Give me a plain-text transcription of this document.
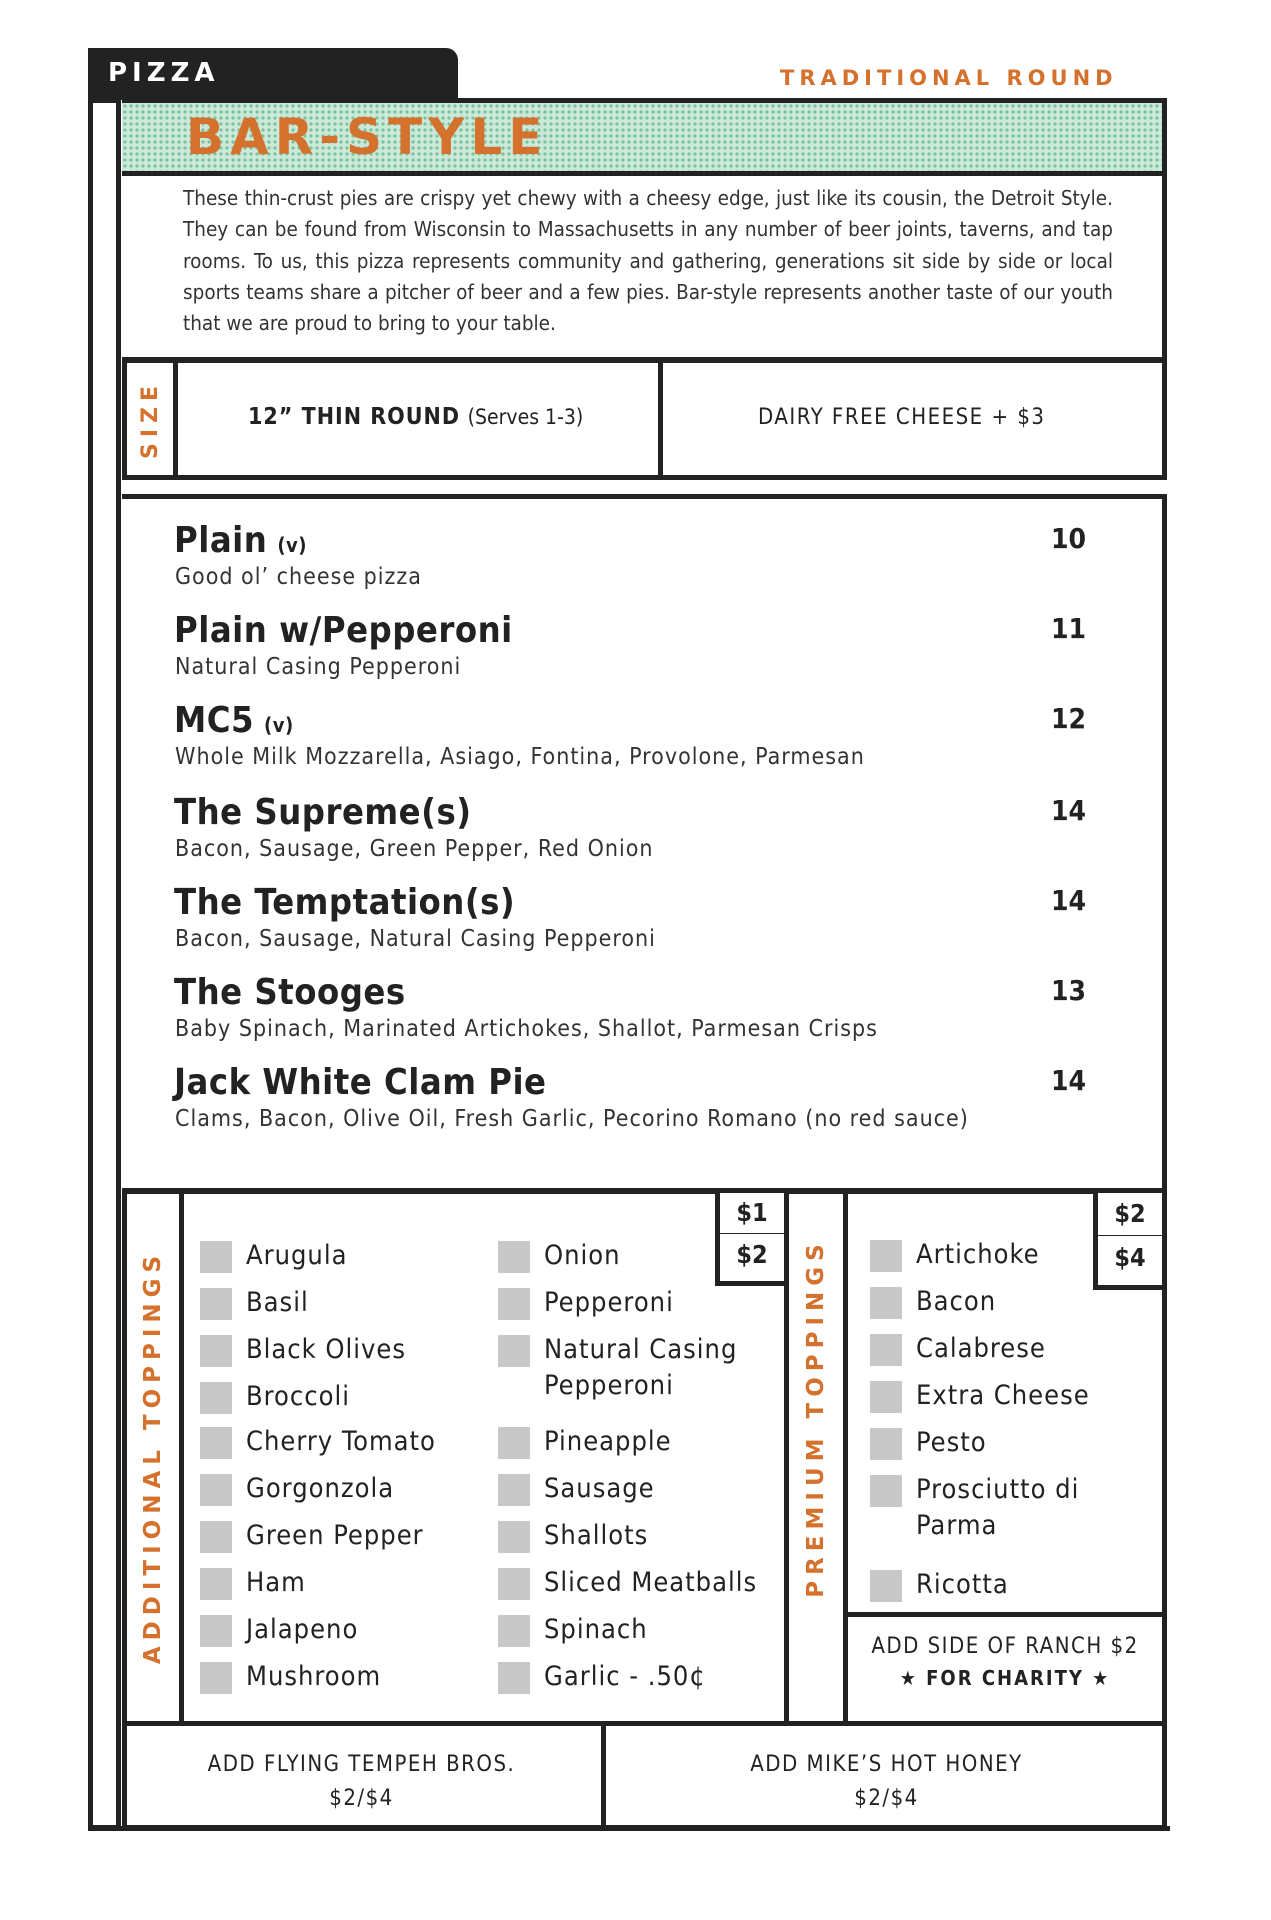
PIZZA	TRADITIONAL ROUND
BAR-STYLE
These thin-crust pies are crispy yet chewy with a cheesy edge, just like its cousin, the Detroit Style. They can be found from Wisconsin to Massachusetts in any number of beer joints, taverns, and tap rooms. To us, this pizza represents community and gathering, generations sit side by side or local sports teams share a pitcher of beer and a few pies. Bar-style represents another taste of our youth that we are proud to bring to your table.
SIZE	12” THIN ROUND (Serves 1-3)	DAIRY FREE CHEESE + $3
Plain (v)
Good ol’ cheese pizza
10
Plain w/Pepperoni
Natural Casing Pepperoni
11
MC5 (v)
Whole Milk Mozzarella, Asiago, Fontina, Provolone, Parmesan
12
The Supreme(s)
Bacon, Sausage, Green Pepper, Red Onion
14
The Temptation(s)
Bacon, Sausage, Natural Casing Pepperoni
14
The Stooges
Baby Spinach, Marinated Artichokes, Shallot, Parmesan Crisps
13
Jack White Clam Pie
Clams, Bacon, Olive Oil, Fresh Garlic, Pecorino Romano (no red sauce)
14
ADDITIONAL TOPPINGS
$1
$2
Arugula
Basil
Black Olives
Broccoli
Cherry Tomato
Gorgonzola
Green Pepper
Ham
Jalapeno
Mushroom
Onion
Pepperoni
Natural Casing
Pepperoni
Pineapple
Sausage
Shallots
Sliced Meatballs
Spinach
Garlic - .50¢
PREMIUM TOPPINGS
$2
$4
Artichoke
Bacon
Calabrese
Extra Cheese
Pesto
Prosciutto di
Parma
Ricotta
ADD SIDE OF RANCH $2
★ FOR CHARITY ★
ADD FLYING TEMPEH BROS.
$2/$4
ADD MIKE’S HOT HONEY
$2/$4
